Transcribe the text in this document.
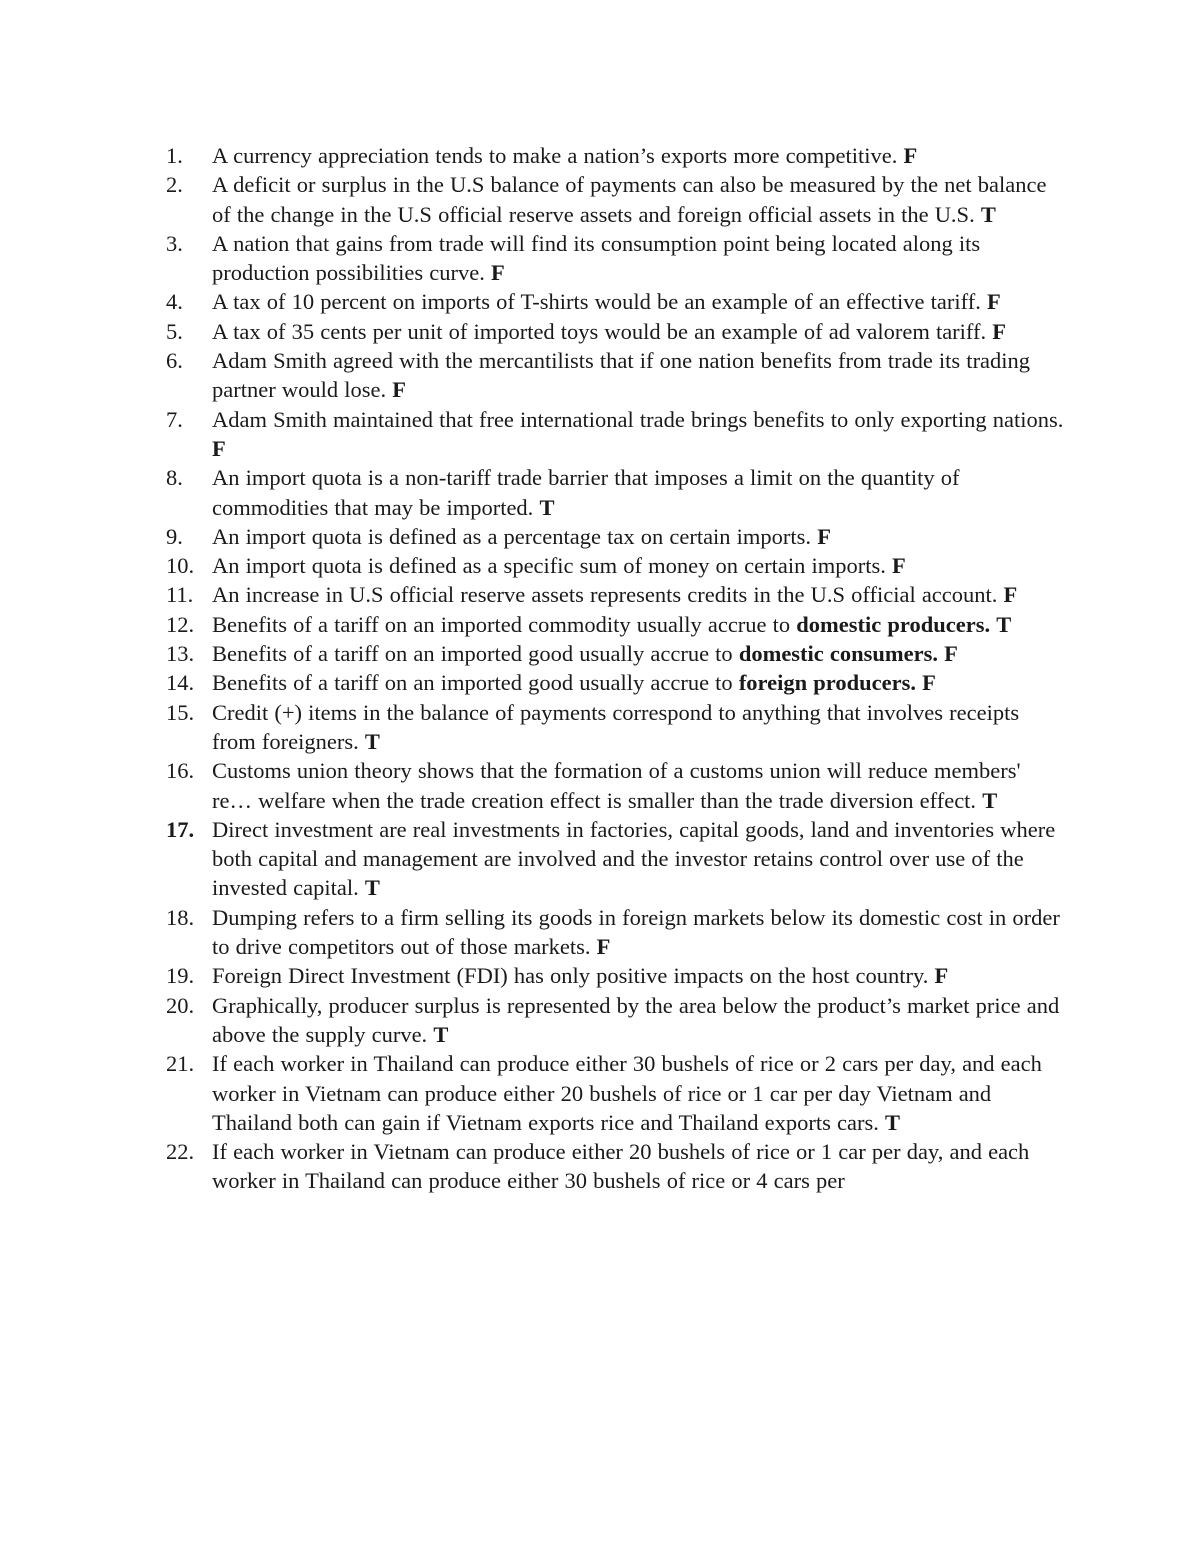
1.	A currency appreciation tends to make a nation’s exports more competitive. F
2.	A deficit or surplus in the U.S balance of payments can also be measured by the net balance of the change in the U.S official reserve assets and foreign official assets in the U.S. T
3.	A nation that gains from trade will find its consumption point being located along its production possibilities curve. F
4.	A tax of 10 percent on imports of T-shirts would be an example of an effective tariff. F
5.	A tax of 35 cents per unit of imported toys would be an example of ad valorem tariff. F
6.	Adam Smith agreed with the mercantilists that if one nation benefits from trade its trading partner would lose. F
7.	Adam Smith maintained that free international trade brings benefits to only exporting nations. F
8.	An import quota is a non-tariff trade barrier that imposes a limit on the quantity of commodities that may be imported. T
9.	An import quota is defined as a percentage tax on certain imports. F
10. An import quota is defined as a specific sum of money on certain imports. F
11. An increase in U.S official reserve assets represents credits in the U.S official account. F
12. Benefits of a tariff on an imported commodity usually accrue to domestic producers. T
13. Benefits of a tariff on an imported good usually accrue to domestic consumers. F
14. Benefits of a tariff on an imported good usually accrue to foreign producers. F
15. Credit (+) items in the balance of payments correspond to anything that involves receipts from foreigners. T
16. Customs union theory shows that the formation of a customs union will reduce members' re… welfare when the trade creation effect is smaller than the trade diversion effect. T
17. Direct investment are real investments in factories, capital goods, land and inventories where both capital and management are involved and the investor retains control over use of the invested capital. T
18. Dumping refers to a firm selling its goods in foreign markets below its domestic cost in order to drive competitors out of those markets. F
19. Foreign Direct Investment (FDI) has only positive impacts on the host country. F
20. Graphically, producer surplus is represented by the area below the product’s market price and above the supply curve. T
21. If each worker in Thailand can produce either 30 bushels of rice or 2 cars per day, and each worker in Vietnam can produce either 20 bushels of rice or 1 car per day Vietnam and Thailand both can gain if Vietnam exports rice and Thailand exports cars. T
22. If each worker in Vietnam can produce either 20 bushels of rice or 1 car per day, and each worker in Thailand can produce either 30 bushels of rice or 4 cars per
